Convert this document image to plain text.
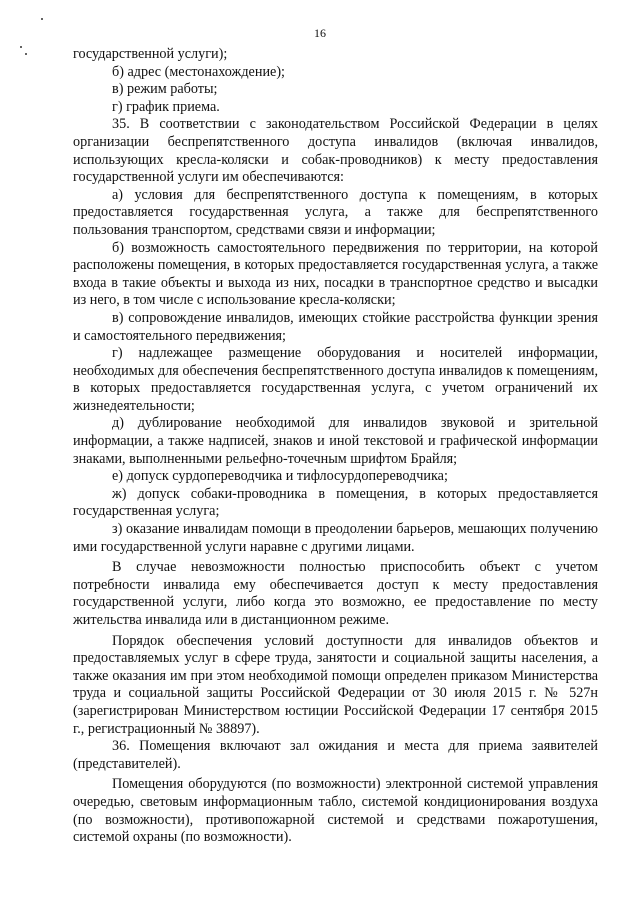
16

государственной услуги);

б) адрес (местонахождение);

в) режим работы;

г) график приема.

35. В соответствии с законодательством Российской Федерации в целях организации беспрепятственного доступа инвалидов (включая инвалидов, использующих кресла-коляски и собак-проводников) к месту предоставления государственной услуги им обеспечиваются:

а) условия для беспрепятственного доступа к помещениям, в которых предоставляется государственная услуга, а также для беспрепятственного пользования транспортом, средствами связи и информации;

б) возможность самостоятельного передвижения по территории, на которой расположены помещения, в которых предоставляется государственная услуга, а также входа в такие объекты и выхода из них, посадки в транспортное средство и высадки из него, в том числе с использование кресла-коляски;

в) сопровождение инвалидов, имеющих стойкие расстройства функции зрения и самостоятельного передвижения;

г) надлежащее размещение оборудования и носителей информации, необходимых для обеспечения беспрепятственного доступа инвалидов к помещениям, в которых предоставляется государственная услуга, с учетом ограничений их жизнедеятельности;

д) дублирование необходимой для инвалидов звуковой и зрительной информации, а также надписей, знаков и иной текстовой и графической информации знаками, выполненными рельефно-точечным шрифтом Брайля;

е) допуск сурдопереводчика и тифлосурдопереводчика;

ж) допуск собаки-проводника в помещения, в которых предоставляется государственная услуга;

з) оказание инвалидам помощи в преодолении барьеров, мешающих получению ими государственной услуги наравне с другими лицами.

В случае невозможности полностью приспособить объект с учетом потребности инвалида ему обеспечивается доступ к месту предоставления государственной услуги, либо когда это возможно, ее предоставление по месту жительства инвалида или в дистанционном режиме.

Порядок обеспечения условий доступности для инвалидов объектов и предоставляемых услуг в сфере труда, занятости и социальной защиты населения, а также оказания им при этом необходимой помощи определен приказом Министерства труда и социальной защиты Российской Федерации от 30 июля 2015 г. № 527н (зарегистрирован Министерством юстиции Российской Федерации 17 сентября 2015 г., регистрационный № 38897).

36. Помещения включают зал ожидания и места для приема заявителей (представителей).

Помещения оборудуются (по возможности) электронной системой управления очередью, световым информационным табло, системой кондиционирования воздуха (по возможности), противопожарной системой и средствами пожаротушения, системой охраны (по возможности).
